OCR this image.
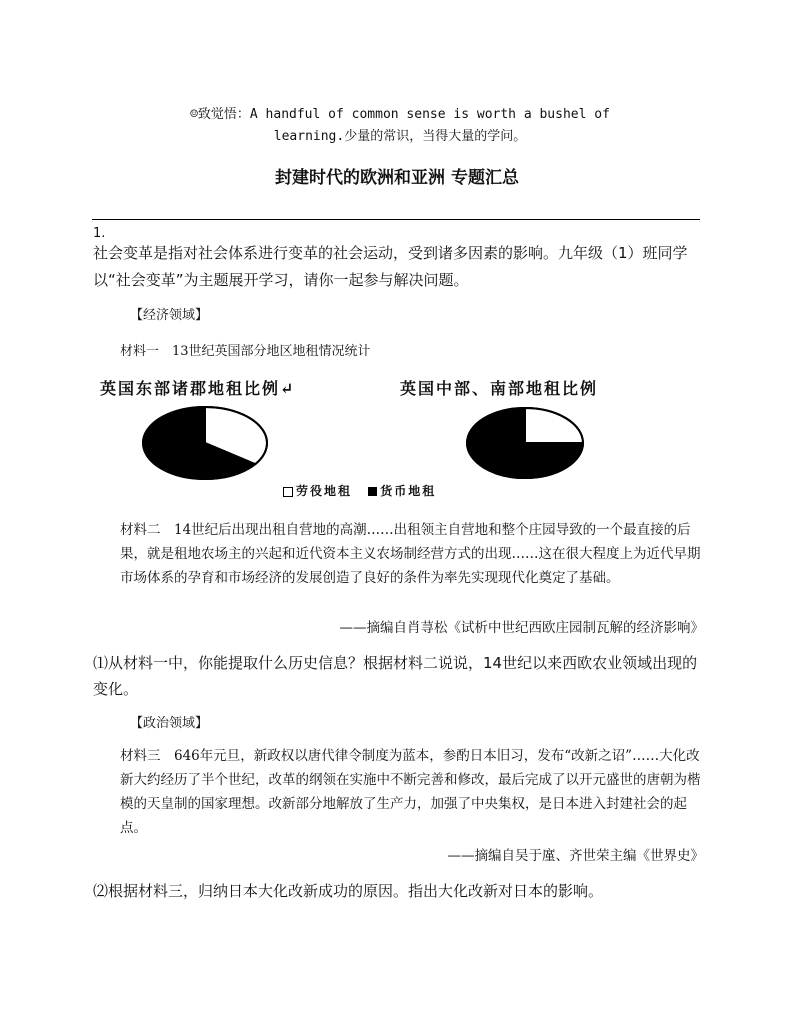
☺致觉悟：A handful of common sense is worth a bushel of
learning.少量的常识，当得大量的学问。
封建时代的欧洲和亚洲 专题汇总
1.
社会变革是指对社会体系进行变革的社会运动，受到诸多因素的影响。九年级（1）班同学以“社会变革”为主题展开学习，请你一起参与解决问题。
【经济领域】
材料一　13世纪英国部分地区地租情况统计
英国东部诸郡地租比例↵	英国中部、南部地租比例
劳役地租 货币地租
材料二　14世纪后出现出租自营地的高潮……出租领主自营地和整个庄园导致的一个最直接的后果，就是租地农场主的兴起和近代资本主义农场制经营方式的出现……这在很大程度上为近代早期市场体系的孕育和市场经济的发展创造了良好的条件为率先实现现代化奠定了基础。
——摘编自肖荨松《试析中世纪西欧庄园制瓦解的经济影响》
⑴从材料一中，你能提取什么历史信息？根据材料二说说，14世纪以来西欧农业领域出现的变化。
【政治领域】
材料三　646年元旦，新政权以唐代律令制度为蓝本，参酌日本旧习，发布“改新之诏”……大化改新大约经历了半个世纪，改革的纲领在实施中不断完善和修改，最后完成了以开元盛世的唐朝为楷模的天皇制的国家理想。改新部分地解放了生产力，加强了中央集权，是日本进入封建社会的起点。
——摘编自吴于廑、齐世荣主编《世界史》
⑵根据材料三，归纳日本大化改新成功的原因。指出大化改新对日本的影响。
